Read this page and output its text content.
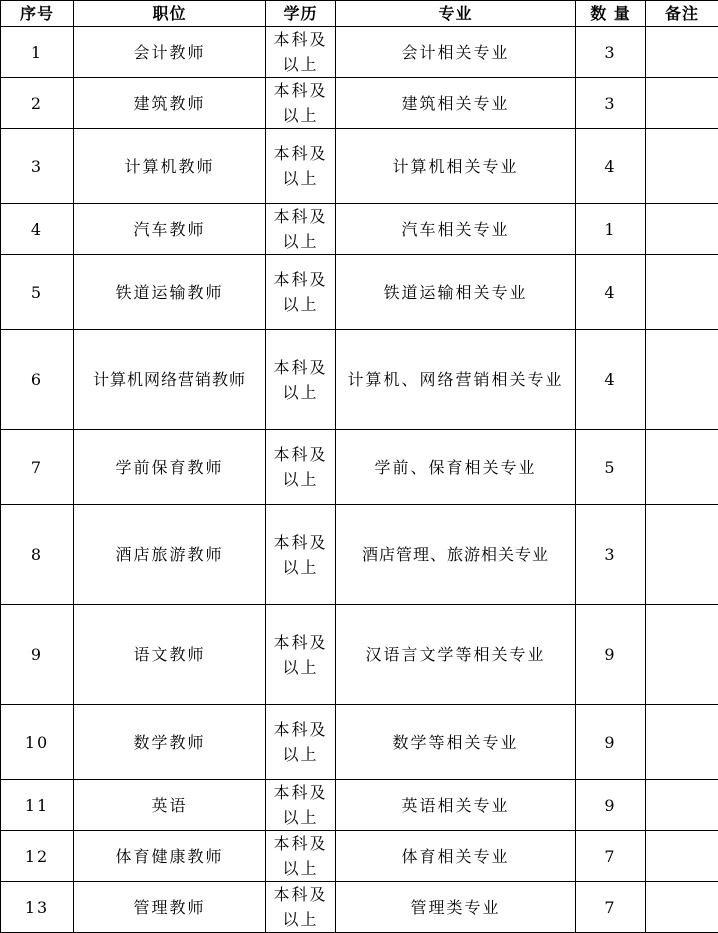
序号	职位	学历	专业	数 量	备注
1	会计教师	本科及以上	会计相关专业	3	
2	建筑教师	本科及以上	建筑相关专业	3	
3	计算机教师	本科及以上	计算机相关专业	4	
4	汽车教师	本科及以上	汽车相关专业	1	
5	铁道运输教师	本科及以上	铁道运输相关专业	4	
6	计算机网络营销教师	本科及以上	计算机、网络营销相关专业	4	
7	学前保育教师	本科及以上	学前、保育相关专业	5	
8	酒店旅游教师	本科及以上	酒店管理、旅游相关专业	3	
9	语文教师	本科及以上	汉语言文学等相关专业	9	
10	数学教师	本科及以上	数学等相关专业	9	
11	英语	本科及以上	英语相关专业	9	
12	体育健康教师	本科及以上	体育相关专业	7	
13	管理教师	本科及以上	管理类专业	7	
